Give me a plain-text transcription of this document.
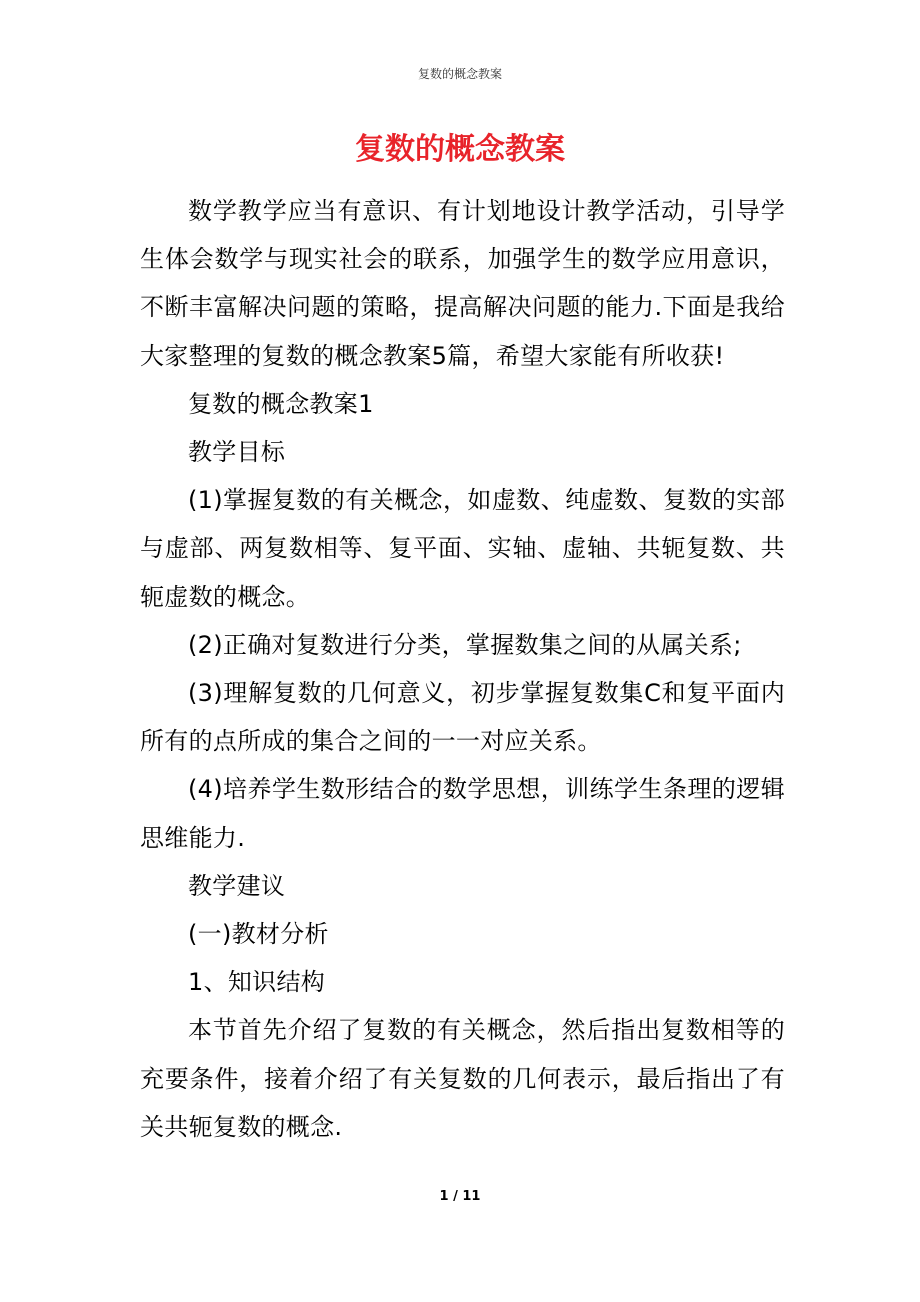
复数的概念教案
复数的概念教案

数学教学应当有意识、有计划地设计教学活动，引导学生体会数学与现实社会的联系，加强学生的数学应用意识，不断丰富解决问题的策略，提高解决问题的能力.下面是我给大家整理的复数的概念教案5篇，希望大家能有所收获!

复数的概念教案1

教学目标

(1)掌握复数的有关概念，如虚数、纯虚数、复数的实部与虚部、两复数相等、复平面、实轴、虚轴、共轭复数、共轭虚数的概念。

(2)正确对复数进行分类，掌握数集之间的从属关系;

(3)理解复数的几何意义，初步掌握复数集C和复平面内所有的点所成的集合之间的一一对应关系。

(4)培养学生数形结合的数学思想，训练学生条理的逻辑思维能力.

教学建议

(一)教材分析

1、知识结构

本节首先介绍了复数的有关概念，然后指出复数相等的充要条件，接着介绍了有关复数的几何表示，最后指出了有关共轭复数的概念.

1 / 11
